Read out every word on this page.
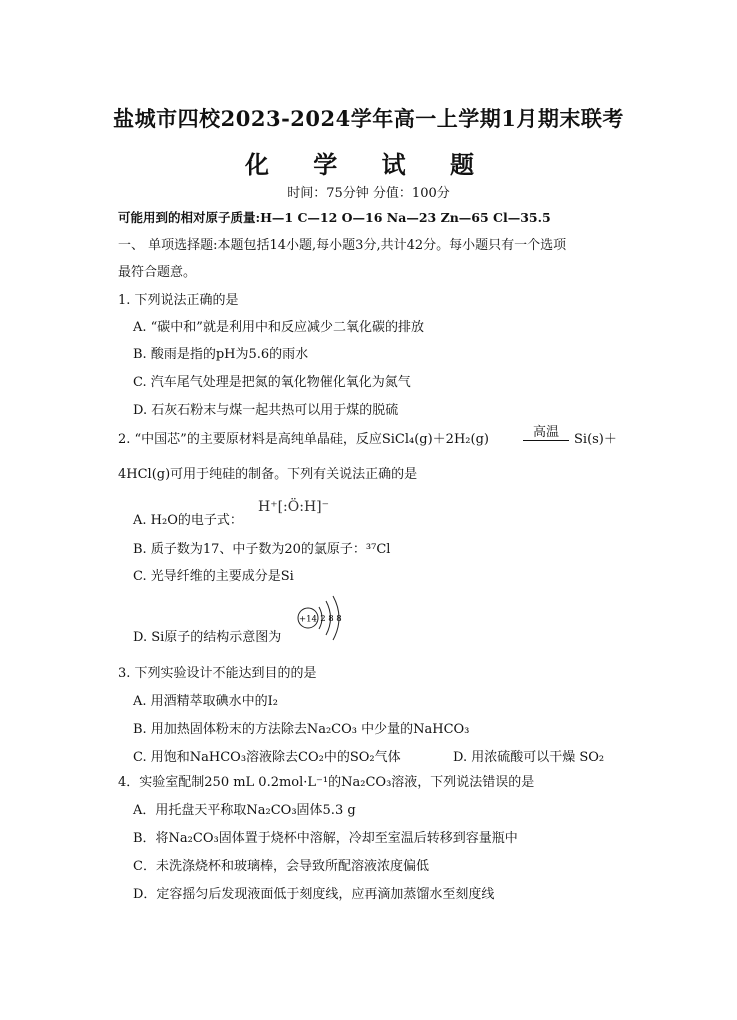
盐城市四校2023-2024学年高一上学期1月期末联考
化 学 试 题
时间：75分钟 分值：100分
可能用到的相对原子质量:H—1 C—12 O—16 Na—23 Zn—65 Cl—35.5
一、 单项选择题:本题包括14小题,每小题3分,共计42分。每小题只有一个选项
最符合题意。
1. 下列说法正确的是
A. “碳中和”就是利用中和反应减少二氧化碳的排放
B. 酸雨是指的pH为5.6的雨水
C. 汽车尾气处理是把氮的氧化物催化氧化为氮气
D. 石灰石粉末与煤一起共热可以用于煤的脱硫
2. “中国芯”的主要原材料是高纯单晶硅，反应SiCl₄(g)＋2H₂(g)	高温	Si(s)＋
4HCl(g)可用于纯硅的制备。下列有关说法正确的是
A. H₂O的电子式：
H⁺[:Ö:H]⁻
B. 质子数为17、中子数为20的氯原子：³⁷Cl
C. 光导纤维的主要成分是Si
D. Si原子的结构示意图为
+14 2 8 8
3. 下列实验设计不能达到目的的是
A. 用酒精萃取碘水中的I₂
B. 用加热固体粉末的方法除去Na₂CO₃ 中少量的NaHCO₃
C. 用饱和NaHCO₃溶液除去CO₂中的SO₂气体	D. 用浓硫酸可以干燥 SO₂
4．实验室配制250 mL 0.2mol·L⁻¹的Na₂CO₃溶液，下列说法错误的是
A．用托盘天平称取Na₂CO₃固体5.3 g
B．将Na₂CO₃固体置于烧杯中溶解，冷却至室温后转移到容量瓶中
C．未洗涤烧杯和玻璃棒，会导致所配溶液浓度偏低
D．定容摇匀后发现液面低于刻度线，应再滴加蒸馏水至刻度线
